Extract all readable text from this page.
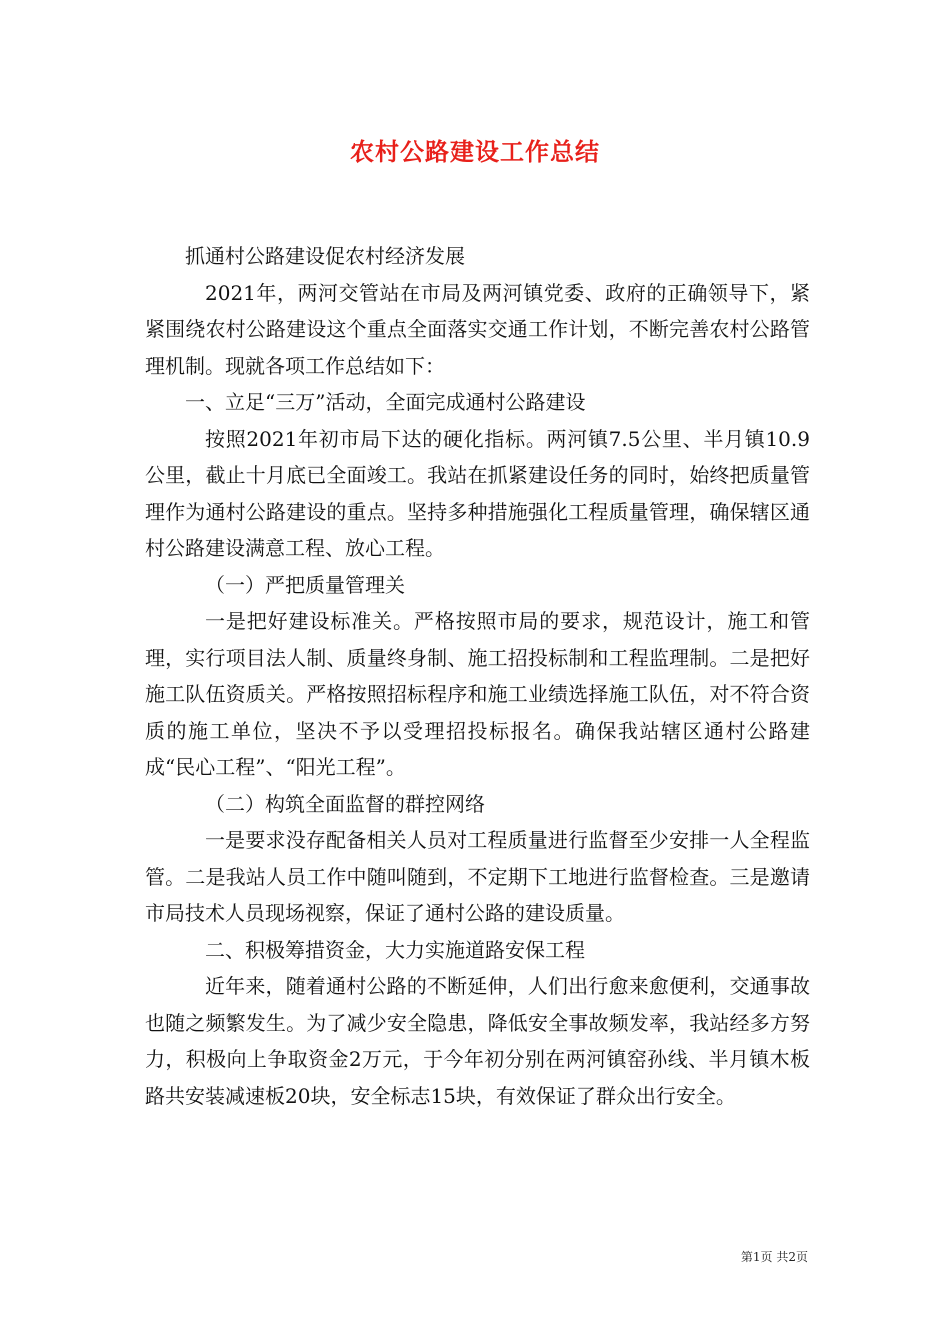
农村公路建设工作总结

抓通村公路建设促农村经济发展

2021年，两河交管站在市局及两河镇党委、政府的正确领导下，紧紧围绕农村公路建设这个重点全面落实交通工作计划，不断完善农村公路管理机制。现就各项工作总结如下：

一、立足“三万”活动，全面完成通村公路建设

按照2021年初市局下达的硬化指标。两河镇7.5公里、半月镇10.9公里，截止十月底已全面竣工。我站在抓紧建设任务的同时，始终把质量管理作为通村公路建设的重点。坚持多种措施强化工程质量管理，确保辖区通村公路建设满意工程、放心工程。

（一）严把质量管理关

一是把好建设标准关。严格按照市局的要求，规范设计，施工和管理，实行项目法人制、质量终身制、施工招投标制和工程监理制。二是把好施工队伍资质关。严格按照招标程序和施工业绩选择施工队伍，对不符合资质的施工单位，坚决不予以受理招投标报名。确保我站辖区通村公路建成“民心工程”、“阳光工程”。

（二）构筑全面监督的群控网络

一是要求没存配备相关人员对工程质量进行监督至少安排一人全程监管。二是我站人员工作中随叫随到，不定期下工地进行监督检查。三是邀请市局技术人员现场视察，保证了通村公路的建设质量。

二、积极筹措资金，大力实施道路安保工程

近年来，随着通村公路的不断延伸，人们出行愈来愈便利，交通事故也随之频繁发生。为了减少安全隐患，降低安全事故频发率，我站经多方努力，积极向上争取资金2万元，于今年初分别在两河镇窑孙线、半月镇木板路共安装减速板20块，安全标志15块，有效保证了群众出行安全。

第1页 共2页
